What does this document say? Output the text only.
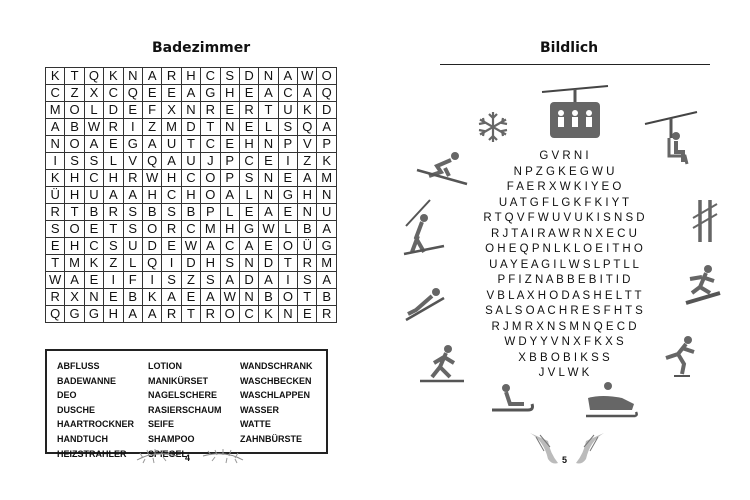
Badezimmer
K	T	Q	K	N	A	R	H	C	S	D	N	A	W	O
C	Z	X	C	Q	E	E	A	G	H	E	A	C	A	Q
M	O	L	D	E	F	X	N	R	E	R	T	U	K	D
A	B	W	R	I	Z	M	D	T	N	E	L	S	Q	A
N	O	A	E	G	A	U	T	C	E	H	N	P	V	P
I	S	S	L	V	Q	A	U	J	P	C	E	I	Z	K
K	H	C	H	R	W	H	C	O	P	S	N	E	A	M
Ü	H	U	A	A	H	C	H	O	A	L	N	G	H	N
R	T	B	R	S	B	S	B	P	L	E	A	E	N	U
S	O	E	T	S	O	R	C	M	H	G	W	L	B	A
E	H	C	S	U	D	E	W	A	C	A	E	O	Ü	G
T	M	K	Z	L	Q	I	D	H	S	N	D	T	R	M
W	A	E	I	F	I	S	Z	S	A	D	A	I	S	A
R	X	N	E	B	K	A	E	A	W	N	B	O	T	B
Q	G	G	H	A	A	R	T	R	O	C	K	N	E	R
ABFLUSS
BADEWANNE
DEO
DUSCHE
HAARTROCKNER
HANDTUCH
HEIZSTRAHLER
LOTION
MANIKÜRSET
NAGELSCHERE
RASIERSCHAUM
SEIFE
SHAMPOO
SPIEGEL
WANDSCHRANK
WASCHBECKEN
WASCHLAPPEN
WASSER
WATTE
ZAHNBÜRSTE
4
Bildlich
G V R N I
N P Z G K E G W U
F A E R X W K I Y E O
U A T G F L G K F K I Y T
R T Q V F W U V U K I S N S D
R J T A I R A W R N X E C U
O H E Q P N L K L O E I T H O
U A Y E A G I L W S L P T L L
P F I Z N A B B E B I T I D
V B L A X H O D A S H E L T T
S A L S O A C H R E S F H T S
R J M R X N S M N Q E C D
W D Y Y V N X F K X S
X B B O B I K S S
J V L W K
5
